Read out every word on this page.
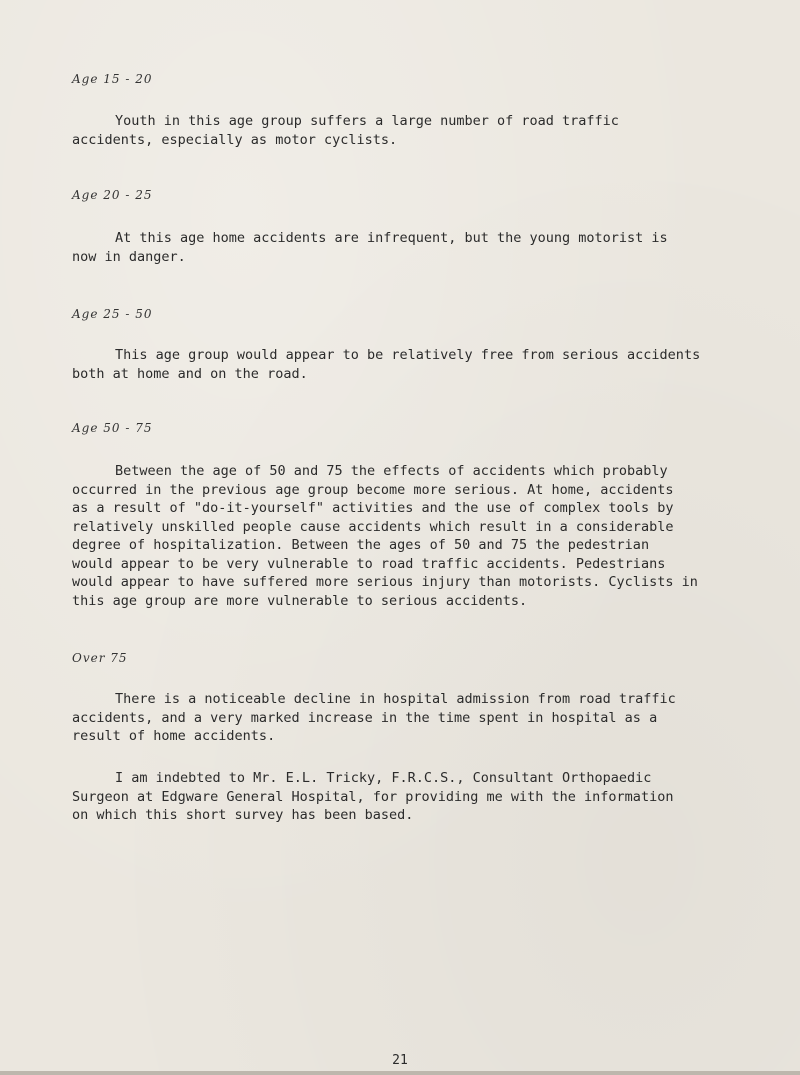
Age 15 - 20

Youth in this age group suffers a large number of road traffic
accidents, especially as motor cyclists.

Age 20 - 25

At this age home accidents are infrequent, but the young motorist is
now in danger.

Age 25 - 50

This age group would appear to be relatively free from serious accidents
both at home and on the road.

Age 50 - 75

Between the age of 50 and 75 the effects of accidents which probably
occurred in the previous age group become more serious. At home, accidents
as a result of "do-it-yourself" activities and the use of complex tools by
relatively unskilled people cause accidents which result in a considerable
degree of hospitalization. Between the ages of 50 and 75 the pedestrian
would appear to be very vulnerable to road traffic accidents. Pedestrians
would appear to have suffered more serious injury than motorists. Cyclists in
this age group are more vulnerable to serious accidents.

Over 75

There is a noticeable decline in hospital admission from road traffic
accidents, and a very marked increase in the time spent in hospital as a
result of home accidents.
I am indebted to Mr. E.L. Tricky, F.R.C.S., Consultant Orthopaedic
Surgeon at Edgware General Hospital, for providing me with the information
on which this short survey has been based.

21
